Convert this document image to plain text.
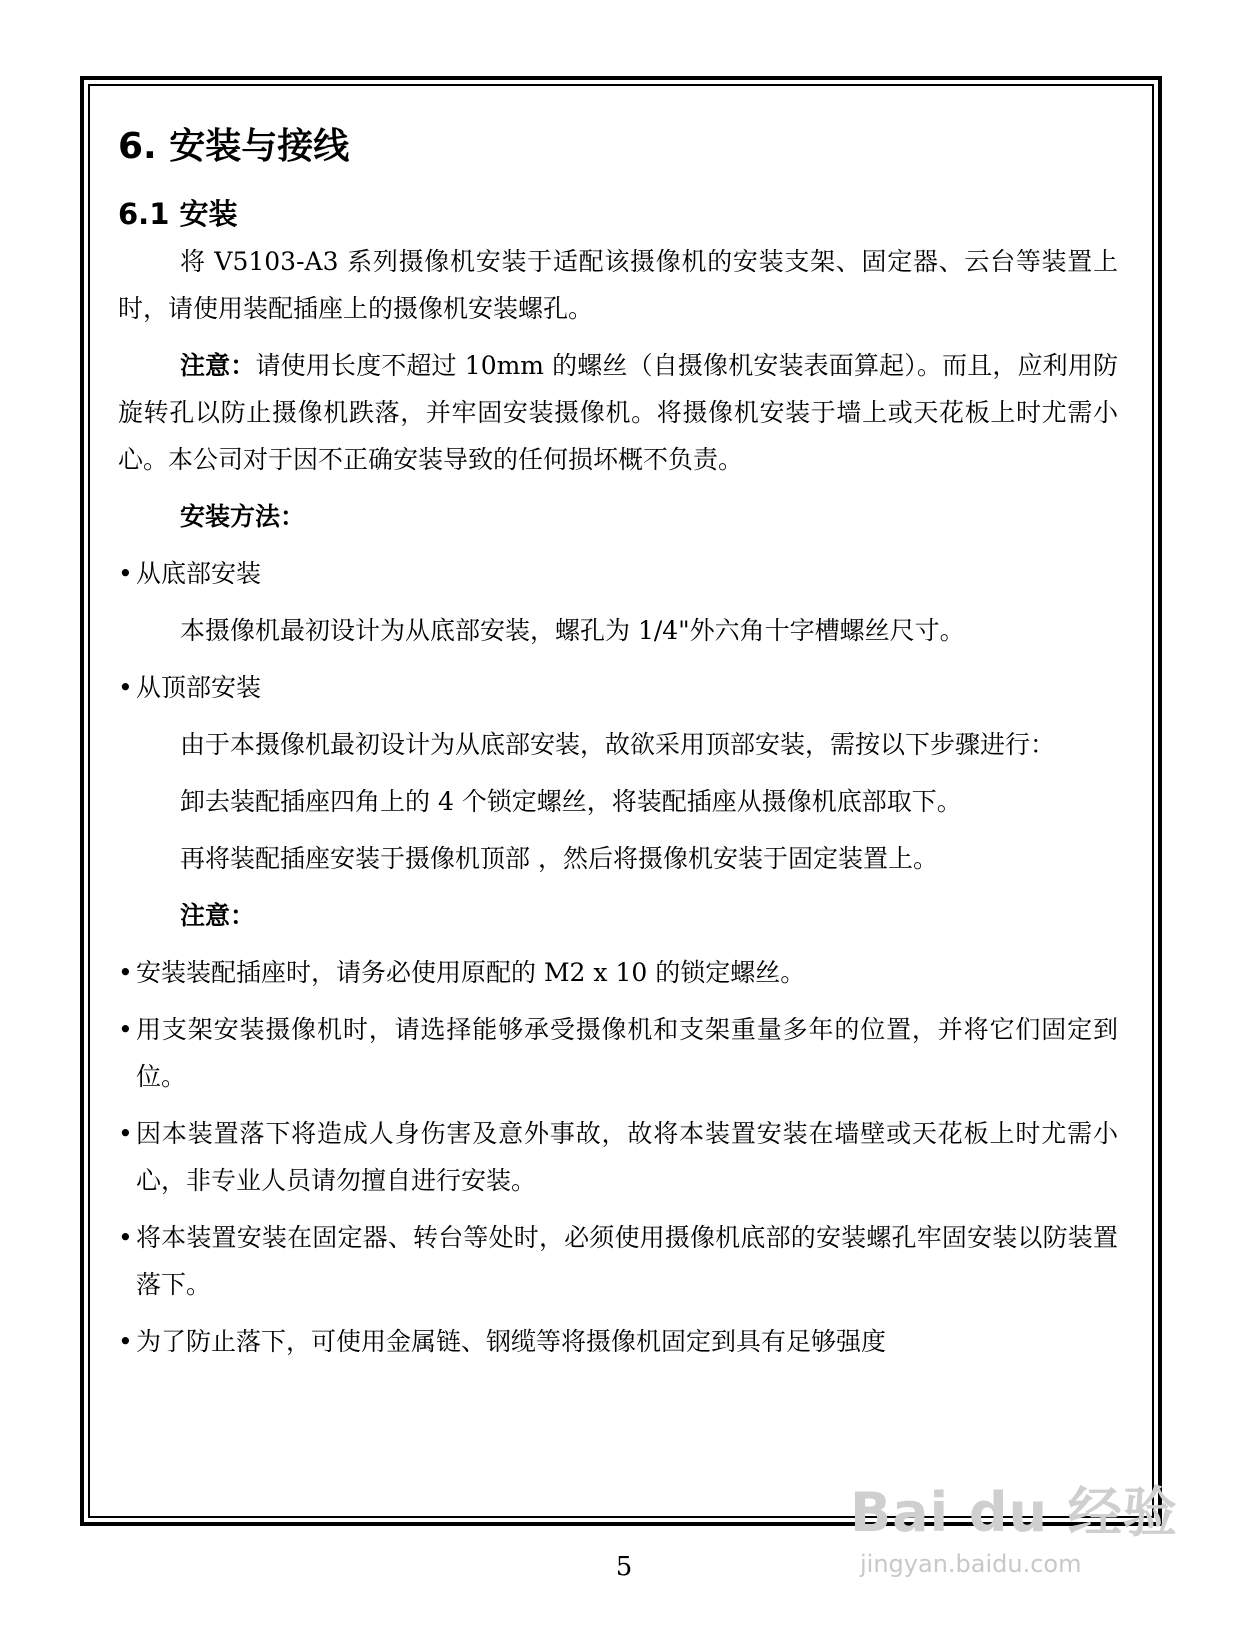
6. 安装与接线
6.1 安装
将 V5103-A3 系列摄像机安装于适配该摄像机的安装支架、固定器、云台等装置上时，请使用装配插座上的摄像机安装螺孔。
注意：请使用长度不超过 10mm 的螺丝（自摄像机安装表面算起）。而且，应利用防旋转孔以防止摄像机跌落，并牢固安装摄像机。将摄像机安装于墙上或天花板上时尤需小心。本公司对于因不正确安装导致的任何损坏概不负责。
安装方法：
• 从底部安装
本摄像机最初设计为从底部安装，螺孔为 1/4"外六角十字槽螺丝尺寸。
• 从顶部安装
由于本摄像机最初设计为从底部安装，故欲采用顶部安装，需按以下步骤进行：
卸去装配插座四角上的 4 个锁定螺丝，将装配插座从摄像机底部取下。
再将装配插座安装于摄像机顶部 ，然后将摄像机安装于固定装置上。
注意：
• 安装装配插座时，请务必使用原配的 M2 x 10 的锁定螺丝。
• 用支架安装摄像机时，请选择能够承受摄像机和支架重量多年的位置，并将它们固定到位。
• 因本装置落下将造成人身伤害及意外事故，故将本装置安装在墙壁或天花板上时尤需小心，非专业人员请勿擅自进行安装。
• 将本装置安装在固定器、转台等处时，必须使用摄像机底部的安装螺孔牢固安装以防装置落下。
• 为了防止落下，可使用金属链、钢缆等将摄像机固定到具有足够强度
5
Bai du 经验
jingyan.baidu.com
